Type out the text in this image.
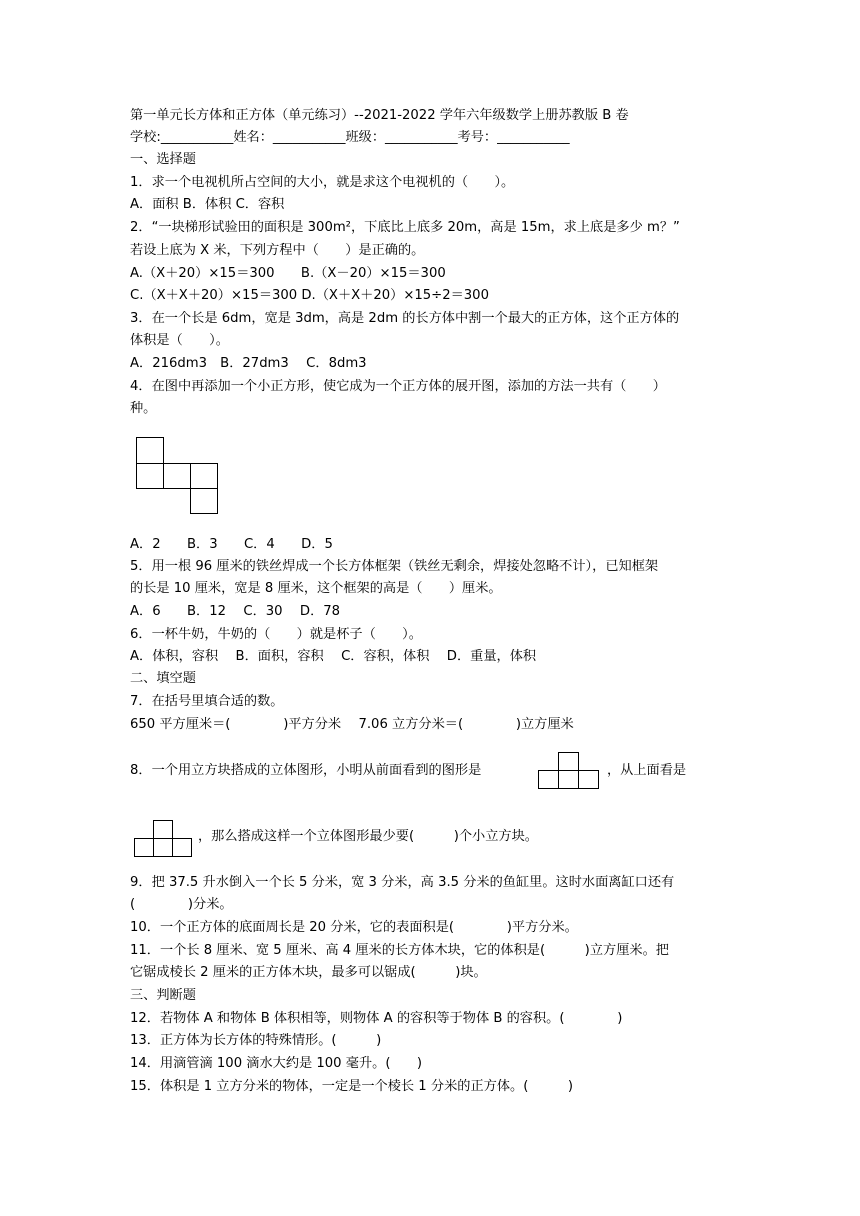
第一单元长方体和正方体（单元练习）--2021-2022 学年六年级数学上册苏教版 B 卷
学校:___________姓名：___________班级：___________考号：___________
一、选择题
1．求一个电视机所占空间的大小，就是求这个电视机的（　　）。
A．面积 B．体积 C．容积
2．“一块梯形试验田的面积是 300m²，下底比上底多 20m，高是 15m，求上底是多少 m？”
若设上底为 X 米，下列方程中（　　）是正确的。
A.（X＋20）×15＝300　　B.（X－20）×15＝300
C.（X＋X＋20）×15＝300 D.（X＋X＋20）×15÷2＝300
3．在一个长是 6dm，宽是 3dm，高是 2dm 的长方体中割一个最大的正方体，这个正方体的
体积是（　　）。
A．216dm3　B．27dm3　 C．8dm3
4．在图中再添加一个小正方形，使它成为一个正方体的展开图，添加的方法一共有（　　）
种。
A．2　　B．3　　C．4　　D．5
5．用一根 96 厘米的铁丝焊成一个长方体框架（铁丝无剩余，焊接处忽略不计），已知框架
的长是 10 厘米，宽是 8 厘米，这个框架的高是（　　）厘米。
A．6　　B．12　 C．30　 D．78
6．一杯牛奶，牛奶的（　　）就是杯子（　　）。
A．体积，容积　 B．面积，容积　 C．容积，体积　 D．重量，体积
二、填空题
7．在括号里填合适的数。
650 平方厘米＝(　　　　)平方分米　 7.06 立方分米＝(　　　　)立方厘米
8．一个用立方块搭成的立体图形，小明从前面看到的图形是	，从上面看是
，那么搭成这样一个立体图形最少要(　　　)个小立方块。
9．把 37.5 升水倒入一个长 5 分米，宽 3 分米，高 3.5 分米的鱼缸里。这时水面离缸口还有
(　　　　)分米。
10．一个正方体的底面周长是 20 分米，它的表面积是(　　　　)平方分米。
11．一个长 8 厘米、宽 5 厘米、高 4 厘米的长方体木块，它的体积是(　　　)立方厘米。把
它锯成棱长 2 厘米的正方体木块，最多可以锯成(　　　)块。
三、判断题
12．若物体 A 和物体 B 体积相等，则物体 A 的容积等于物体 B 的容积。(　　　　)
13．正方体为长方体的特殊情形。(　　　)
14．用滴管滴 100 滴水大约是 100 毫升。(　　)
15．体积是 1 立方分米的物体，一定是一个棱长 1 分米的正方体。(　　　)
